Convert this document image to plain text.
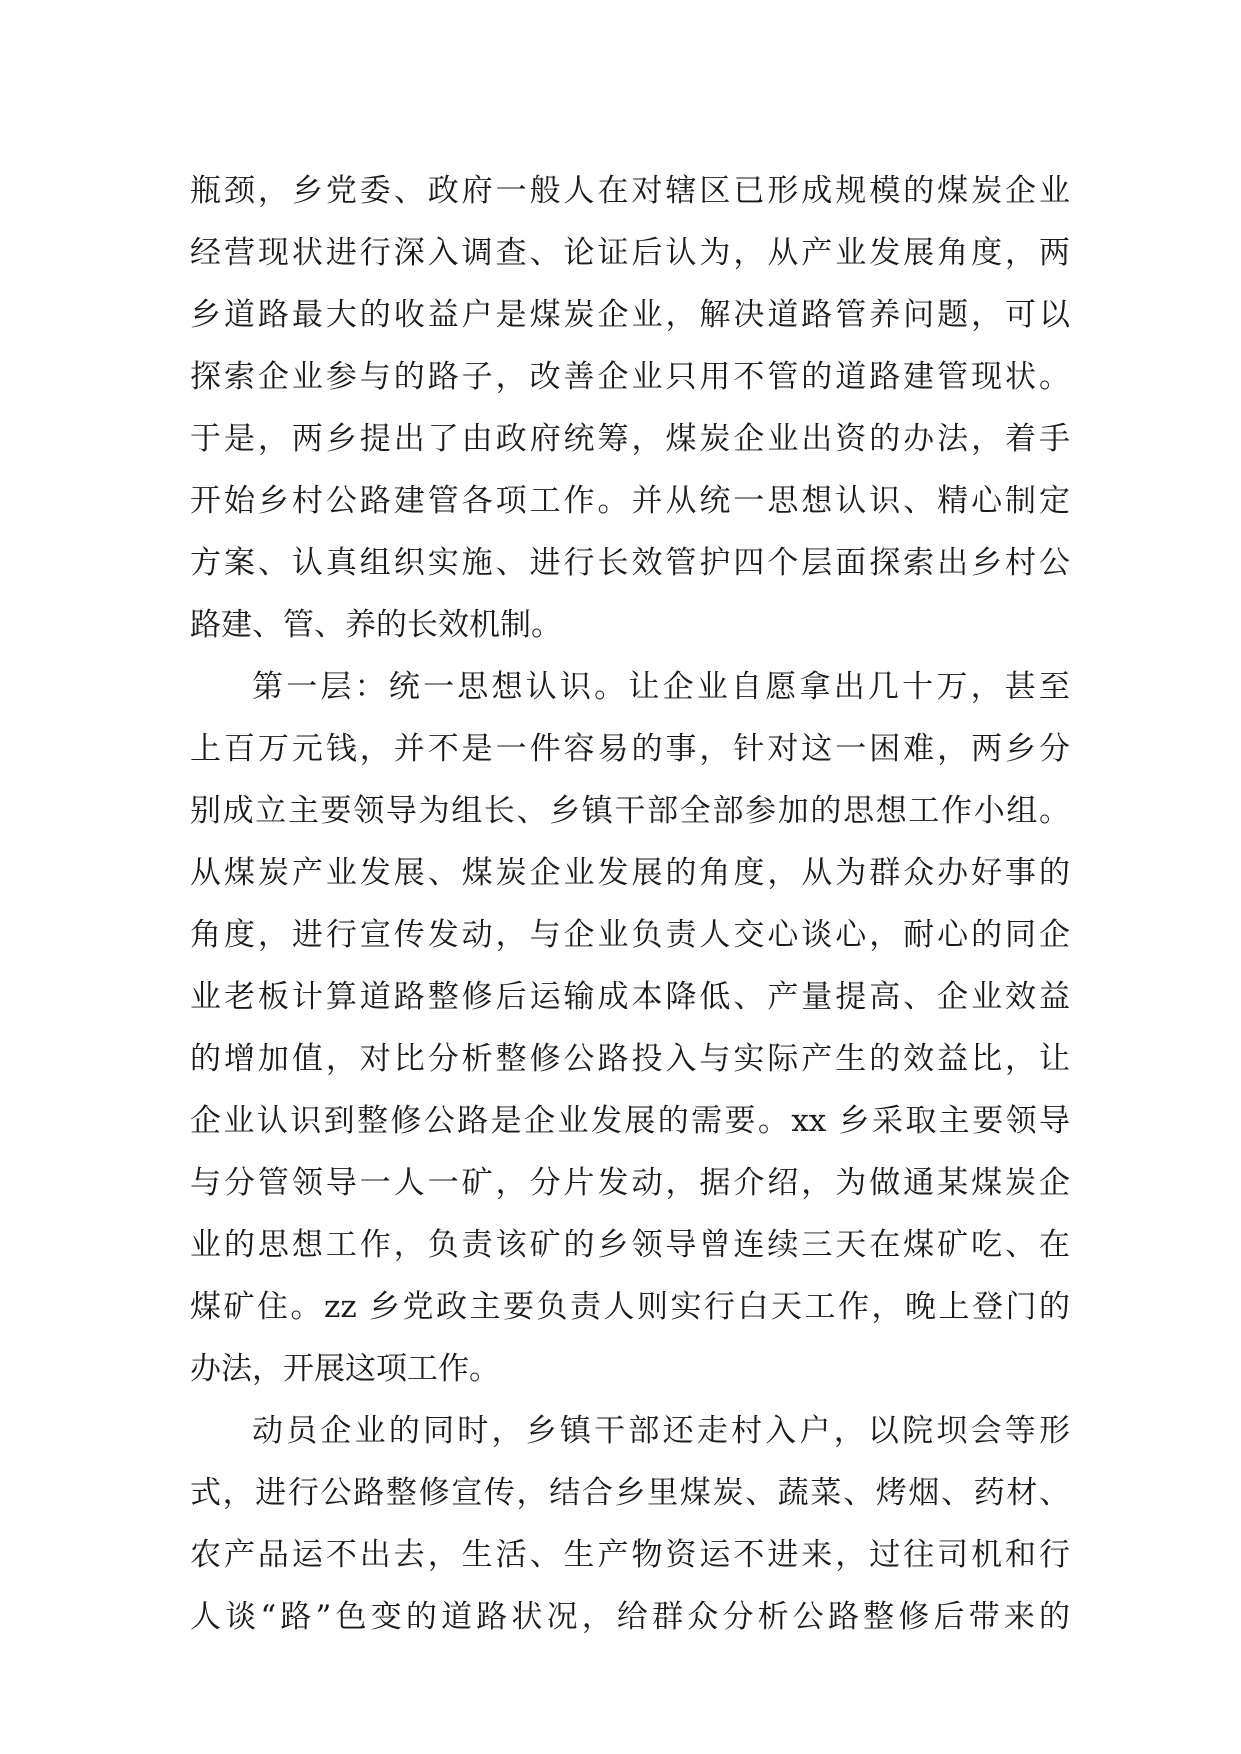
瓶颈，乡党委、政府一般人在对辖区已形成规模的煤炭企业
经营现状进行深入调查、论证后认为，从产业发展角度，两
乡道路最大的收益户是煤炭企业，解决道路管养问题，可以
探索企业参与的路子，改善企业只用不管的道路建管现状。
于是，两乡提出了由政府统筹，煤炭企业出资的办法，着手
开始乡村公路建管各项工作。并从统一思想认识、精心制定
方案、认真组织实施、进行长效管护四个层面探索出乡村公
路建、管、养的长效机制。
第一层：统一思想认识。让企业自愿拿出几十万，甚至
上百万元钱，并不是一件容易的事，针对这一困难，两乡分
别成立主要领导为组长、乡镇干部全部参加的思想工作小组。
从煤炭产业发展、煤炭企业发展的角度，从为群众办好事的
角度，进行宣传发动，与企业负责人交心谈心，耐心的同企
业老板计算道路整修后运输成本降低、产量提高、企业效益
的增加值，对比分析整修公路投入与实际产生的效益比，让
企业认识到整修公路是企业发展的需要。xx 乡采取主要领导
与分管领导一人一矿，分片发动，据介绍，为做通某煤炭企
业的思想工作，负责该矿的乡领导曾连续三天在煤矿吃、在
煤矿住。zz 乡党政主要负责人则实行白天工作，晚上登门的
办法，开展这项工作。
动员企业的同时，乡镇干部还走村入户，以院坝会等形
式，进行公路整修宣传，结合乡里煤炭、蔬菜、烤烟、药材、
农产品运不出去，生活、生产物资运不进来，过往司机和行
人谈“路”色变的道路状况，给群众分析公路整修后带来的
